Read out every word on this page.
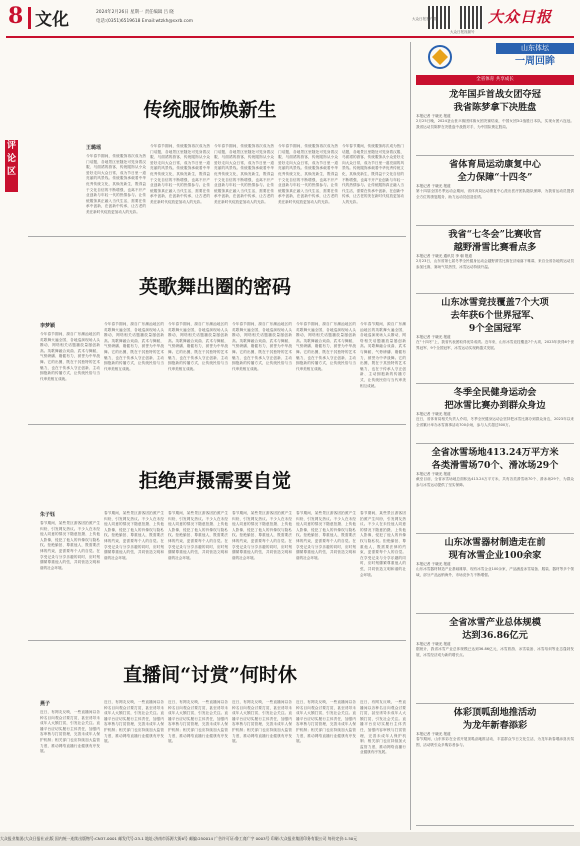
8 文化	2024年2月26日 星期一 责任编辑 吕 晓
电话:(0351)6519618 Email:wtzkh@sxrb.com	大众日报客户端
大众日报视频号
大众日报
评论区
传统服饰焕新生
王璐瑶
今年春节期间，传统服饰再次成为热门话题，各地景区里随处可见身着汉服、马面裙的游客，传统服饰从小众爱好走向大众日常，成为节日里一道亮丽的风景线。传统服饰承载着中华优秀传统文化，其焕发新生，既得益于文化自信的不断增强，也离不开产业创新与年轻一代的热情参与。让传统服饰真正融入当代生活，需要在传承中创新，在创新中传承，让古老的美在新时代绽放更加动人的光彩。
今年春节期间，传统服饰再次成为热门话题，各地景区里随处可见身着汉服、马面裙的游客，传统服饰从小众爱好走向大众日常，成为节日里一道亮丽的风景线。传统服饰承载着中华优秀传统文化，其焕发新生，既得益于文化自信的不断增强，也离不开产业创新与年轻一代的热情参与。让传统服饰真正融入当代生活，需要在传承中创新，在创新中传承，让古老的美在新时代绽放更加动人的光彩。
今年春节期间，传统服饰再次成为热门话题，各地景区里随处可见身着汉服、马面裙的游客，传统服饰从小众爱好走向大众日常，成为节日里一道亮丽的风景线。传统服饰承载着中华优秀传统文化，其焕发新生，既得益于文化自信的不断增强，也离不开产业创新与年轻一代的热情参与。让传统服饰真正融入当代生活，需要在传承中创新，在创新中传承，让古老的美在新时代绽放更加动人的光彩。
今年春节期间，传统服饰再次成为热门话题，各地景区里随处可见身着汉服、马面裙的游客，传统服饰从小众爱好走向大众日常，成为节日里一道亮丽的风景线。传统服饰承载着中华优秀传统文化，其焕发新生，既得益于文化自信的不断增强，也离不开产业创新与年轻一代的热情参与。让传统服饰真正融入当代生活，需要在传承中创新，在创新中传承，让古老的美在新时代绽放更加动人的光彩。
今年春节期间，传统服饰再次成为热门话题，各地景区里随处可见身着汉服、马面裙的游客，传统服饰从小众爱好走向大众日常，成为节日里一道亮丽的风景线。传统服饰承载着中华优秀传统文化，其焕发新生，既得益于文化自信的不断增强，也离不开产业创新与年轻一代的热情参与。让传统服饰真正融入当代生活，需要在传承中创新，在创新中传承，让古老的美在新时代绽放更加动人的光彩。
英歌舞出圈的密码
李梦颖
今年春节期间，源自广东潮汕地区的英歌舞火遍全国，各地巡演现场人头攒动，网络相关话题播放量屡创新高。英歌舞融合戏曲、武术与舞蹈，气势磅礴、刚健有力，被誉为中华战舞。它的出圈，既在于其独特的艺术魅力，也在于传承人守正创新、主动拥抱新的传播方式，让传统民俗与当代审美相互成就。
今年春节期间，源自广东潮汕地区的英歌舞火遍全国，各地巡演现场人头攒动，网络相关话题播放量屡创新高。英歌舞融合戏曲、武术与舞蹈，气势磅礴、刚健有力，被誉为中华战舞。它的出圈，既在于其独特的艺术魅力，也在于传承人守正创新、主动拥抱新的传播方式，让传统民俗与当代审美相互成就。
今年春节期间，源自广东潮汕地区的英歌舞火遍全国，各地巡演现场人头攒动，网络相关话题播放量屡创新高。英歌舞融合戏曲、武术与舞蹈，气势磅礴、刚健有力，被誉为中华战舞。它的出圈，既在于其独特的艺术魅力，也在于传承人守正创新、主动拥抱新的传播方式，让传统民俗与当代审美相互成就。
今年春节期间，源自广东潮汕地区的英歌舞火遍全国，各地巡演现场人头攒动，网络相关话题播放量屡创新高。英歌舞融合戏曲、武术与舞蹈，气势磅礴、刚健有力，被誉为中华战舞。它的出圈，既在于其独特的艺术魅力，也在于传承人守正创新、主动拥抱新的传播方式，让传统民俗与当代审美相互成就。
今年春节期间，源自广东潮汕地区的英歌舞火遍全国，各地巡演现场人头攒动，网络相关话题播放量屡创新高。英歌舞融合戏曲、武术与舞蹈，气势磅礴、刚健有力，被誉为中华战舞。它的出圈，既在于其独特的艺术魅力，也在于传承人守正创新、主动拥抱新的传播方式，让传统民俗与当代审美相互成就。
今年春节期间，源自广东潮汕地区的英歌舞火遍全国，各地巡演现场人头攒动，网络相关话题播放量屡创新高。英歌舞融合戏曲、武术与舞蹈，气势磅礴、刚健有力，被誉为中华战舞。它的出圈，既在于其独特的艺术魅力，也在于传承人守正创新、主动拥抱新的传播方式，让传统民俗与当代审美相互成就。
拒绝声摄需要自觉
朱子钰
春节期间，某些景区游客因拍照产生纠纷，引发网友热议。不少人在未经他人同意的情况下随意拍摄、上传他人影像，侵犯了他人的肖像权与隐私权。拒绝偷拍、尊重他人，既需要法律的约束，更需要每个人的自觉。在享受记录与分享乐趣的同时，应时刻绷紧尊重他人的弦，共同营造文明和谐的社会环境。
春节期间，某些景区游客因拍照产生纠纷，引发网友热议。不少人在未经他人同意的情况下随意拍摄、上传他人影像，侵犯了他人的肖像权与隐私权。拒绝偷拍、尊重他人，既需要法律的约束，更需要每个人的自觉。在享受记录与分享乐趣的同时，应时刻绷紧尊重他人的弦，共同营造文明和谐的社会环境。
春节期间，某些景区游客因拍照产生纠纷，引发网友热议。不少人在未经他人同意的情况下随意拍摄、上传他人影像，侵犯了他人的肖像权与隐私权。拒绝偷拍、尊重他人，既需要法律的约束，更需要每个人的自觉。在享受记录与分享乐趣的同时，应时刻绷紧尊重他人的弦，共同营造文明和谐的社会环境。
春节期间，某些景区游客因拍照产生纠纷，引发网友热议。不少人在未经他人同意的情况下随意拍摄、上传他人影像，侵犯了他人的肖像权与隐私权。拒绝偷拍、尊重他人，既需要法律的约束，更需要每个人的自觉。在享受记录与分享乐趣的同时，应时刻绷紧尊重他人的弦，共同营造文明和谐的社会环境。
春节期间，某些景区游客因拍照产生纠纷，引发网友热议。不少人在未经他人同意的情况下随意拍摄、上传他人影像，侵犯了他人的肖像权与隐私权。拒绝偷拍、尊重他人，既需要法律的约束，更需要每个人的自觉。在享受记录与分享乐趣的同时，应时刻绷紧尊重他人的弦，共同营造文明和谐的社会环境。
春节期间，某些景区游客因拍照产生纠纷，引发网友热议。不少人在未经他人同意的情况下随意拍摄、上传他人影像，侵犯了他人的肖像权与隐私权。拒绝偷拍、尊重他人，既需要法律的约束，更需要每个人的自觉。在享受记录与分享乐趣的同时，应时刻绷紧尊重他人的弦，共同营造文明和谐的社会环境。
直播间“讨赏”何时休
燕子
近日，有网友反映，一些直播间以各种名目向观众讨要打赏，甚至诱导未成年人大额打赏，引发社会关注。直播平台应切实履行主体责任，加强内容审核与打赏管理，完善未成年人保护机制；相关部门也应持续加大监管力度，推动网络直播行业健康有序发展。
近日，有网友反映，一些直播间以各种名目向观众讨要打赏，甚至诱导未成年人大额打赏，引发社会关注。直播平台应切实履行主体责任，加强内容审核与打赏管理，完善未成年人保护机制；相关部门也应持续加大监管力度，推动网络直播行业健康有序发展。
近日，有网友反映，一些直播间以各种名目向观众讨要打赏，甚至诱导未成年人大额打赏，引发社会关注。直播平台应切实履行主体责任，加强内容审核与打赏管理，完善未成年人保护机制；相关部门也应持续加大监管力度，推动网络直播行业健康有序发展。
近日，有网友反映，一些直播间以各种名目向观众讨要打赏，甚至诱导未成年人大额打赏，引发社会关注。直播平台应切实履行主体责任，加强内容审核与打赏管理，完善未成年人保护机制；相关部门也应持续加大监管力度，推动网络直播行业健康有序发展。
近日，有网友反映，一些直播间以各种名目向观众讨要打赏，甚至诱导未成年人大额打赏，引发社会关注。直播平台应切实履行主体责任，加强内容审核与打赏管理，完善未成年人保护机制；相关部门也应持续加大监管力度，推动网络直播行业健康有序发展。
近日，有网友反映，一些直播间以各种名目向观众讨要打赏，甚至诱导未成年人大额打赏，引发社会关注。直播平台应切实履行主体责任，加强内容审核与打赏管理，完善未成年人保护机制；相关部门也应持续加大监管力度，推动网络直播行业健康有序发展。
山东体坛
一周回眸
全省体育 共享成长
龙年国乒首战女团夺冠
我省陈梦拿下决胜盘
本报记者 于晓光 报道
2月25日晚，2024釜山世乒赛团体赛女团决赛结束，中国女团3:2战胜日本队，实现女团六连冠。我省运动员陈梦在决胜盘中战胜对手，为中国队锁定胜局。
省体育局运动康复中心
全力保障“十四冬”
本报记者 于晓光 报道
第十四届全国冬季运动会期间，省体育局运动康复中心派出医疗团队随队保障，为我省运动员提供全方位的康复服务，助力运动员创造佳绩。
我省“七冬会”比赛收官
越野滑雪比赛看点多
本报记者 于晓光 通讯员 李 朝 报道
2月23日，山东省第七届冬季全民健身运动会越野滑雪比赛在济南落下帷幕，来自全省各地的运动员参加比赛，赛场气氛热烈，冰雪运动持续升温。
山东冰雪竞技覆盖7个大项
去年获6个世界冠军、
9个全国冠军
本报记者 于晓光 报道
在“十四冬”上，我省代表团取得优异成绩。近年来，山东冰雪竞技覆盖7个大项，2023年获得6个世界冠军、9个全国冠军，冰雪运动实现跨越式发展。
冬季全民健身运动会
把冰雪比赛办到群众身边
本报记者 于晓光 报道
近日，省体育局相关负责人介绍，冬季全民健身运动会坚持把冰雪比赛办到群众身边，2023年以来全省累计举办冰雪赛事活动700余场，参与人次超过500万。
全省冰雪场地413.24万平方米
各类滑雪场70个、滑冰场29个
本报记者 于晓光 报道
截至目前，全省冰雪场地总面积达413.24万平方米，共有各类滑雪场70个、滑冰场29个，为群众参与冰雪运动提供了坚实保障。
山东冰雪器材制造走在前
现有冰雪企业100余家
本报记者 于晓光 报道
山东冰雪器材制造产业基础雄厚，现有冰雪企业100余家，产品涵盖冰雪装备、服装、器材等多个领域，部分产品远销海外，市场竞争力不断增强。
全省冰雪产业总体规模
达到36.86亿元
本报记者 于晓光 报道
据统计，我省冰雪产业总体规模已达到36.86亿元，冰雪旅游、冰雪装备、冰雪培训等业态蓬勃发展，冰雪经济成为新的增长点。
体彩顶呱刮地推活动
为龙年新春添彩
本报记者 于晓光 报道
春节期间，山东体彩在全省开展顶呱刮地推活动，丰富群众节日文化生活，为龙年新春增添喜庆氛围，活动吸引众多购彩者参与。
大众报业集团(大众日报社)出版 国内统一连续出版物号:CN37-0001 邮发代号:23-1 地址:济南市泺源大街6号 邮编:250014 广告许可证:鲁工商广字 0003号 印刷:大众报业集团印务有限公司 每份定价:1.50元
